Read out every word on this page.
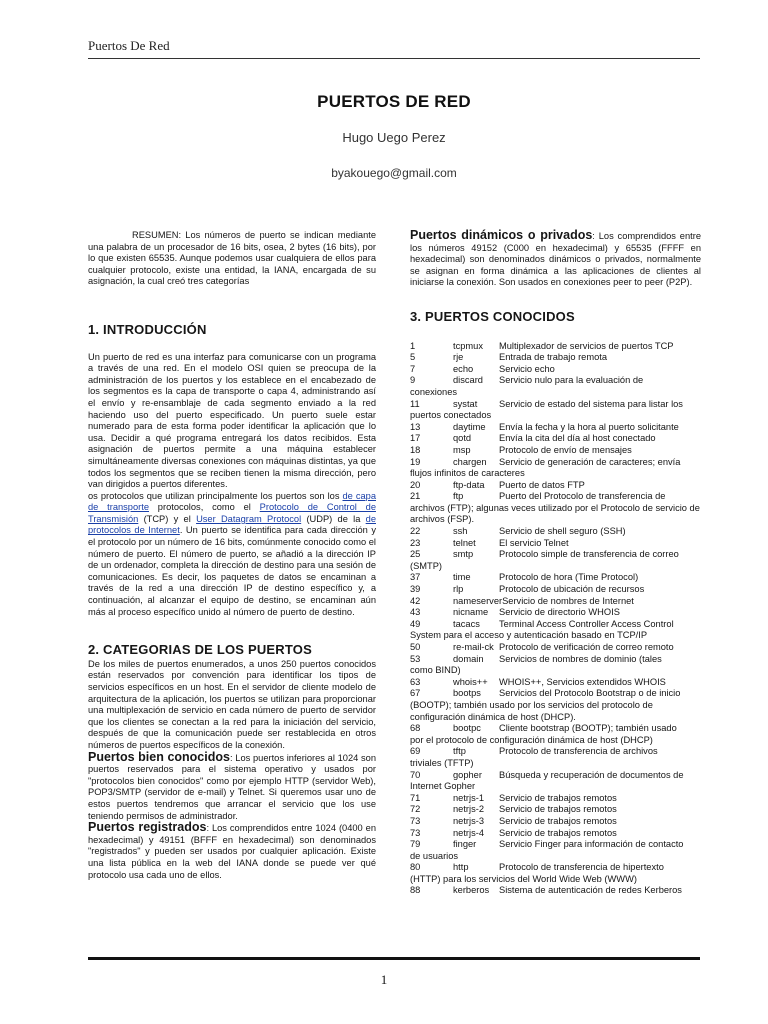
Puertos De Red
PUERTOS DE RED
Hugo Uego Perez
byakouego@gmail.com

RESUMEN: Los números de puerto se indican mediante una palabra de un procesador de 16 bits, osea, 2 bytes (16 bits), por lo que existen 65535. Aunque podemos usar cualquiera de ellos para cualquier protocolo, existe una entidad, la IANA, encargada de su asignación, la cual creó tres categorías

1. INTRODUCCIÓN

Un puerto de red es una interfaz para comunicarse con un programa a través de una red. En el modelo OSI quien se preocupa de la administración de los puertos y los establece en el encabezado de los segmentos es la capa de transporte o capa 4, administrando así el envío y re-ensamblaje de cada segmento enviado a la red haciendo uso del puerto especificado. Un puerto suele estar numerado para de esta forma poder identificar la aplicación que lo usa. Decidir a qué programa entregará los datos recibidos. Esta asignación de puertos permite a una máquina establecer simultáneamente diversas conexiones con máquinas distintas, ya que todos los segmentos que se reciben tienen la misma dirección, pero van dirigidos a puertos diferentes.

os protocolos que utilizan principalmente los puertos son los de capa de transporte protocolos, como el Protocolo de Control de Transmisión (TCP) y el User Datagram Protocol (UDP) de la de protocolos de Internet. Un puerto se identifica para cada dirección y el protocolo por un número de 16 bits, comúnmente conocido como el número de puerto. El número de puerto, se añadió a la dirección IP de un ordenador, completa la dirección de destino para una sesión de comunicaciones. Es decir, los paquetes de datos se encaminan a través de la red a una dirección IP de destino específico y, a continuación, al alcanzar el equipo de destino, se encaminan aún más al proceso específico unido al número de puerto de destino.

2. CATEGORIAS DE LOS PUERTOS

De los miles de puertos enumerados, a unos 250 puertos conocidos están reservados por convención para identificar los tipos de servicios específicos en un host. En el servidor de cliente modelo de arquitectura de la aplicación, los puertos se utilizan para proporcionar una multiplexación de servicio en cada número de puerto de servidor que los clientes se conectan a la red para la iniciación del servicio, después de que la comunicación puede ser restablecida en otros números de puertos específicos de la conexión.

Puertos bien conocidos: Los puertos inferiores al 1024 son puertos reservados para el sistema operativo y usados por "protocolos bien conocidos" como por ejemplo HTTP (servidor Web), POP3/SMTP (servidor de e-mail) y Telnet. Si queremos usar uno de estos puertos tendremos que arrancar el servicio que los use teniendo permisos de administrador.

Puertos registrados: Los comprendidos entre 1024 (0400 en hexadecimal) y 49151 (BFFF en hexadecimal) son denominados "registrados" y pueden ser usados por cualquier aplicación. Existe una lista pública en la web del IANA donde se puede ver qué protocolo usa cada uno de ellos.

Puertos dinámicos o privados: Los comprendidos entre los números 49152 (C000 en hexadecimal) y 65535 (FFFF en hexadecimal) son denominados dinámicos o privados, normalmente se asignan en forma dinámica a las aplicaciones de clientes al iniciarse la conexión. Son usados en conexiones peer to peer (P2P).

3. PUERTOS CONOCIDOS
1	tcpmux	Multiplexador de servicios de puertos TCP
5	rje	Entrada de trabajo remota
7	echo	Servicio echo
9	discard	Servicio nulo para la evaluación de
conexiones
11	systat	Servicio de estado del sistema para listar los
puertos conectados
13	daytime	Envía la fecha y la hora al puerto solicitante
17	qotd	Envía la cita del día al host conectado
18	msp	Protocolo de envío de mensajes
19	chargen	Servicio de generación de caracteres; envía
flujos infinitos de caracteres
20	ftp-data	Puerto de datos FTP
21	ftp	Puerto del Protocolo de transferencia de
archivos (FTP); algunas veces utilizado por el Protocolo de servicio de archivos (FSP).
22	ssh	Servicio de shell seguro (SSH)
23	telnet	El servicio Telnet
25	smtp	Protocolo simple de transferencia de correo
(SMTP)
37	time	Protocolo de hora (Time Protocol)
39	rlp	Protocolo de ubicación de recursos
42	nameserver Servicio de nombres de Internet
43	nicname	Servicio de directorio WHOIS
49	tacacs	Terminal Access Controller Access Control
System para el acceso y autenticación basado en TCP/IP
50	re-mail-ck Protocolo de verificación de correo remoto
53	domain	Servicios de nombres de dominio (tales
como BIND)
63	whois++	WHOIS++, Servicios extendidos WHOIS
67	bootps	Servicios del Protocolo Bootstrap o de inicio
(BOOTP); también usado por los servicios del protocolo de configuración dinámica de host (DHCP).
68	bootpc	Cliente bootstrap (BOOTP); también usado
por el protocolo de configuración dinámica de host (DHCP)
69	tftp	Protocolo de transferencia de archivos
triviales (TFTP)
70	gopher	Búsqueda y recuperación de documentos de
Internet Gopher
71	netrjs-1	Servicio de trabajos remotos
72	netrjs-2	Servicio de trabajos remotos
73	netrjs-3	Servicio de trabajos remotos
73	netrjs-4	Servicio de trabajos remotos
79	finger	Servicio Finger para información de contacto
de usuarios
80	http	Protocolo de transferencia de hipertexto
(HTTP) para los servicios del World Wide Web (WWW)
88	kerberos	Sistema de autenticación de redes Kerberos
1
